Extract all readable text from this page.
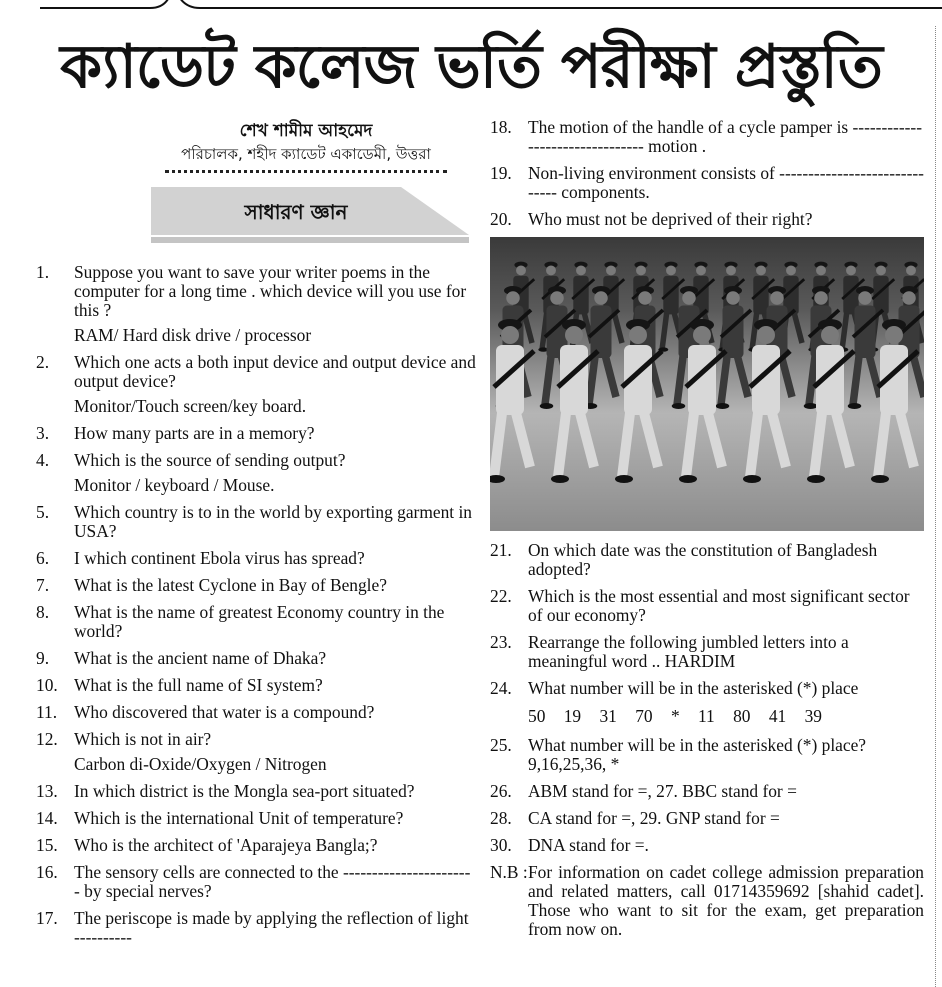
ক্যাডেট কলেজ ভর্তি পরীক্ষা প্রস্তুতি
শেখ শামীম আহমেদ
পরিচালক, শহীদ ক্যাডেট একাডেমী, উত্তরা
সাধারণ জ্ঞান
1.	Suppose you want to save your writer poems in the computer for a long time . which device will you use for this ?
RAM/ Hard disk drive / processor
2.	Which one acts a both input device and output device and output device?
Monitor/Touch screen/key board.
3.	How many parts are in a memory?
4.	Which is the source of sending output?
Monitor / keyboard / Mouse.
5.	Which country is to in the world by exporting garment in USA?
6.	I which continent Ebola virus has spread?
7.	What is the latest Cyclone in Bay of Bengle?
8.	What is the name of greatest Economy country in the world?
9.	What is the ancient name of Dhaka?
10. What is the full name of SI system?
11. Who discovered that water is a compound?
12. Which is not in air?
Carbon di-Oxide/Oxygen / Nitrogen
13. In which district is the Mongla sea-port situated?
14. Which is the international Unit of temperature?
15. Who is the architect of 'Aparajeya Bangla;?
16. The sensory cells are connected to the ----------------------- by special nerves?
17. The periscope is made by applying the reflection of light ----------
18. The motion of the handle of a cycle pamper is -------------------------------- motion .
19. Non-living environment consists of ------------------------------ components.
20. Who must not be deprived of their right?
21. On which date was the constitution of Bangladesh adopted?
22. Which is the most essential and most significant sector of our economy?
23. Rearrange the following jumbled letters into a meaningful word .. HARDIM
24. What number will be in the asterisked (*) place
50 19 31 70 * 11 80 41 39
25. What number will be in the asterisked (*) place? 9,16,25,36, *
26. ABM stand for =, 27. BBC stand for =
28. CA stand for =, 29. GNP stand for =
30. DNA stand for =.
N.B : For information on cadet college admission preparation and related matters, call 01714359692 [shahid cadet]. Those who want to sit for the exam, get preparation from now on.
